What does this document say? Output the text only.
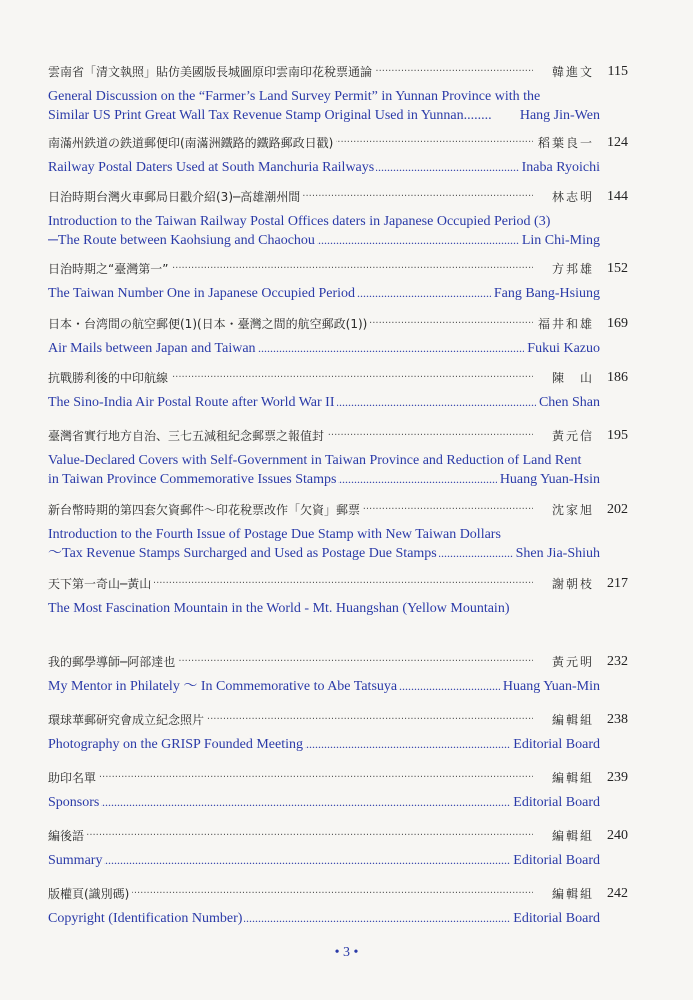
·····
雲南省「清文執照」貼仿美國版長城圖原印雲南印花稅票通論	韓進文 115
General Discussion on the “Farmer’s Land Survey Permit” in Yunnan Province with the
Similar US Print Great Wall Tax Revenue Stamp Original Used in Yunnan........ Hang Jin-Wen
·····
南滿州鉄道の鉄道郵便印(南滿洲鐵路的鐵路郵政日戳)	稻葉良一 124
.....
Railway Postal Daters Used at South Manchuria Railways	Inaba Ryoichi
·····
日治時期台灣火車郵局日戳介紹(3)─高雄潮州間	林志明 144
Introduction to the Taiwan Railway Postal Offices daters in Japanese Occupied Period (3)
.....
─The Route between Kaohsiung and Chaochou	Lin Chi-Ming
·····
日治時期之“臺灣第一”	方邦雄 152
.....
The Taiwan Number One in Japanese Occupied Period	Fang Bang-Hsiung
·····
日本・台湾間の航空郵便(1)(日本・臺灣之間的航空郵政(1))	福井和雄 169
.....
Air Mails between Japan and Taiwan	Fukui Kazuo
·····
抗戰勝利後的中印航線	陳　山 186
.....
The Sino-India Air Postal Route after World War II	Chen Shan
·····
臺灣省實行地方自治、三七五減租紀念郵票之報值封	黃元信 195
Value-Declared Covers with Self-Government in Taiwan Province and Reduction of Land Rent
.....
in Taiwan Province Commemorative Issues Stamps	Huang Yuan-Hsin
·····
新台幣時期的第四套欠資郵件～印花稅票改作「欠資」郵票	沈家旭 202
Introduction to the Fourth Issue of Postage Due Stamp with New Taiwan Dollars
.....
～Tax Revenue Stamps Surcharged and Used as Postage Due Stamps	Shen Jia-Shiuh
·····
天下第一奇山─黃山	謝朝枝 217
The Most Fascination Mountain in the World - Mt. Huangshan (Yellow Mountain)
·····
我的郵學導師─阿部達也	黃元明 232
.....
My Mentor in Philately ～ In Commemorative to Abe Tatsuya	Huang Yuan-Min
·····
環球華郵研究會成立紀念照片	編輯組 238
.....
Photography on the GRISP Founded Meeting	Editorial Board
·····
助印名單	編輯組 239
.....
Sponsors	Editorial Board
·····
編後語	編輯組 240
.....
Summary	Editorial Board
·····
版權頁(識別碼)	編輯組 242
.....
Copyright (Identification Number)	Editorial Board
• 3 •
